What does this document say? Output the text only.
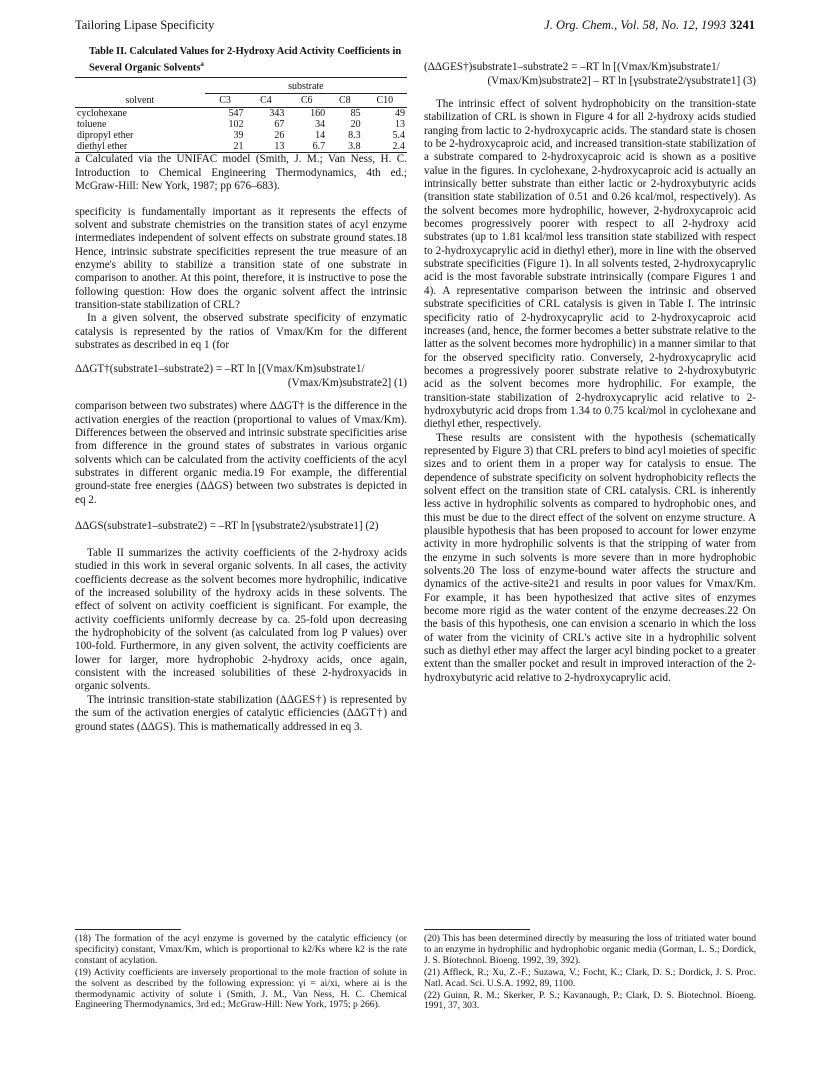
Tailoring Lipase Specificity	J. Org. Chem., Vol. 58, No. 12, 1993 3241
Table II. Calculated Values for 2-Hydroxy Acid Activity Coefficients in Several Organic Solvents$^a$
	substrate				
solvent	C3	C4	C6	C8	C10
cyclohexane	547	343	160	85	49
toluene	102	67	34	20	13
dipropyl ether	39	26	14	8.3	5.4
diethyl ether	21	13	6.7	3.8	2.4

a Calculated via the UNIFAC model (Smith, J. M.; Van Ness, H. C. Introduction to Chemical Engineering Thermodynamics, 4th ed.; McGraw-Hill: New York, 1987; pp 676–683).

specificity is fundamentally important as it represents the effects of solvent and substrate chemistries on the transition states of acyl enzyme intermediates independent of solvent effects on substrate ground states.18 Hence, intrinsic substrate specificities represent the true measure of an enzyme's ability to stabilize a transition state of one substrate in comparison to another. At this point, therefore, it is instructive to pose the following question: How does the organic solvent affect the intrinsic transition-state stabilization of CRL?

In a given solvent, the observed substrate specificity of enzymatic catalysis is represented by the ratios of Vmax/Km for the different substrates as described in eq 1 (for

ΔΔGT†(substrate1–substrate2) = –RT ln [(Vmax/Km)substrate1/
(Vmax/Km)substrate2] (1)

comparison between two substrates) where ΔΔGT† is the difference in the activation energies of the reaction (proportional to values of Vmax/Km). Differences between the observed and intrinsic substrate specificities arise from difference in the ground states of substrates in various organic solvents which can be calculated from the activity coefficients of the acyl substrates in different organic media.19 For example, the differential ground-state free energies (ΔΔGS) between two substrates is depicted in eq 2.

ΔΔGS(substrate1–substrate2) = –RT ln [γsubstrate2/γsubstrate1] (2)

Table II summarizes the activity coefficients of the 2-hydroxy acids studied in this work in several organic solvents. In all cases, the activity coefficients decrease as the solvent becomes more hydrophilic, indicative of the increased solubility of the hydroxy acids in these solvents. The effect of solvent on activity coefficient is significant. For example, the activity coefficients uniformly decrease by ca. 25-fold upon decreasing the hydrophobicity of the solvent (as calculated from log P values) over 100-fold. Furthermore, in any given solvent, the activity coefficients are lower for larger, more hydrophobic 2-hydroxy acids, once again, consistent with the increased solubilities of these 2-hydroxyacids in organic solvents.

The intrinsic transition-state stabilization (ΔΔGES†) is represented by the sum of the activation energies of catalytic efficiencies (ΔΔGT†) and ground states (ΔΔGS). This is mathematically addressed in eq 3.

(ΔΔGES†)substrate1–substrate2 = –RT ln [(Vmax/Km)substrate1/
(Vmax/Km)substrate2] – RT ln [γsubstrate2/γsubstrate1] (3)

The intrinsic effect of solvent hydrophobicity on the transition-state stabilization of CRL is shown in Figure 4 for all 2-hydroxy acids studied ranging from lactic to 2-hydroxycapric acids. The standard state is chosen to be 2-hydroxycaproic acid, and increased transition-state stabilization of a substrate compared to 2-hydroxycaproic acid is shown as a positive value in the figures. In cyclohexane, 2-hydroxycaproic acid is actually an intrinsically better substrate than either lactic or 2-hydroxybutyric acids (transition state stabilization of 0.51 and 0.26 kcal/mol, respectively). As the solvent becomes more hydrophilic, however, 2-hydroxycaproic acid becomes progressively poorer with respect to all 2-hydroxy acid substrates (up to 1.81 kcal/mol less transition state stabilized with respect to 2-hydroxycaprylic acid in diethyl ether), more in line with the observed substrate specificities (Figure 1). In all solvents tested, 2-hydroxycaprylic acid is the most favorable substrate intrinsically (compare Figures 1 and 4). A representative comparison between the intrinsic and observed substrate specificities of CRL catalysis is given in Table I. The intrinsic specificity ratio of 2-hydroxycaprylic acid to 2-hydroxycaproic acid increases (and, hence, the former becomes a better substrate relative to the latter as the solvent becomes more hydrophilic) in a manner similar to that for the observed specificity ratio. Conversely, 2-hydroxycaprylic acid becomes a progressively poorer substrate relative to 2-hydroxybutyric acid as the solvent becomes more hydrophilic. For example, the transition-state stabilization of 2-hydroxycaprylic acid relative to 2-hydroxybutyric acid drops from 1.34 to 0.75 kcal/mol in cyclohexane and diethyl ether, respectively.

These results are consistent with the hypothesis (schematically represented by Figure 3) that CRL prefers to bind acyl moieties of specific sizes and to orient them in a proper way for catalysis to ensue. The dependence of substrate specificity on solvent hydrophobicity reflects the solvent effect on the transition state of CRL catalysis. CRL is inherently less active in hydrophilic solvents as compared to hydrophobic ones, and this must be due to the direct effect of the solvent on enzyme structure. A plausible hypothesis that has been proposed to account for lower enzyme activity in more hydrophilic solvents is that the stripping of water from the enzyme in such solvents is more severe than in more hydrophobic solvents.20 The loss of enzyme-bound water affects the structure and dynamics of the active-site21 and results in poor values for Vmax/Km. For example, it has been hypothesized that active sites of enzymes become more rigid as the water content of the enzyme decreases.22 On the basis of this hypothesis, one can envision a scenario in which the loss of water from the vicinity of CRL's active site in a hydrophilic solvent such as diethyl ether may affect the larger acyl binding pocket to a greater extent than the smaller pocket and result in improved interaction of the 2-hydroxybutyric acid relative to 2-hydroxycaprylic acid.

(18) The formation of the acyl enzyme is governed by the catalytic efficiency (or specificity) constant, Vmax/Km, which is proportional to k2/Ks where k2 is the rate constant of acylation.

(19) Activity coefficients are inversely proportional to the mole fraction of solute in the solvent as described by the following expression: γi = ai/xi, where ai is the thermodynamic activity of solute i (Smith, J. M., Van Ness, H. C. Chemical Engineering Thermodynamics, 3rd ed.; McGraw-Hill: New York, 1975; p 266).

(20) This has been determined directly by measuring the loss of tritiated water bound to an enzyme in hydrophilic and hydrophobic organic media (Gorman, L. S.; Dordick, J. S. Biotechnol. Bioeng. 1992, 39, 392).

(21) Affleck, R.; Xu, Z.-F.; Suzawa, V.; Focht, K.; Clark, D. S.; Dordick, J. S. Proc. Natl. Acad. Sci. U.S.A. 1992, 89, 1100.

(22) Guinn, R. M.; Skerker, P. S.; Kavanaugh, P.; Clark, D. S. Biotechnol. Bioeng. 1991, 37, 303.
